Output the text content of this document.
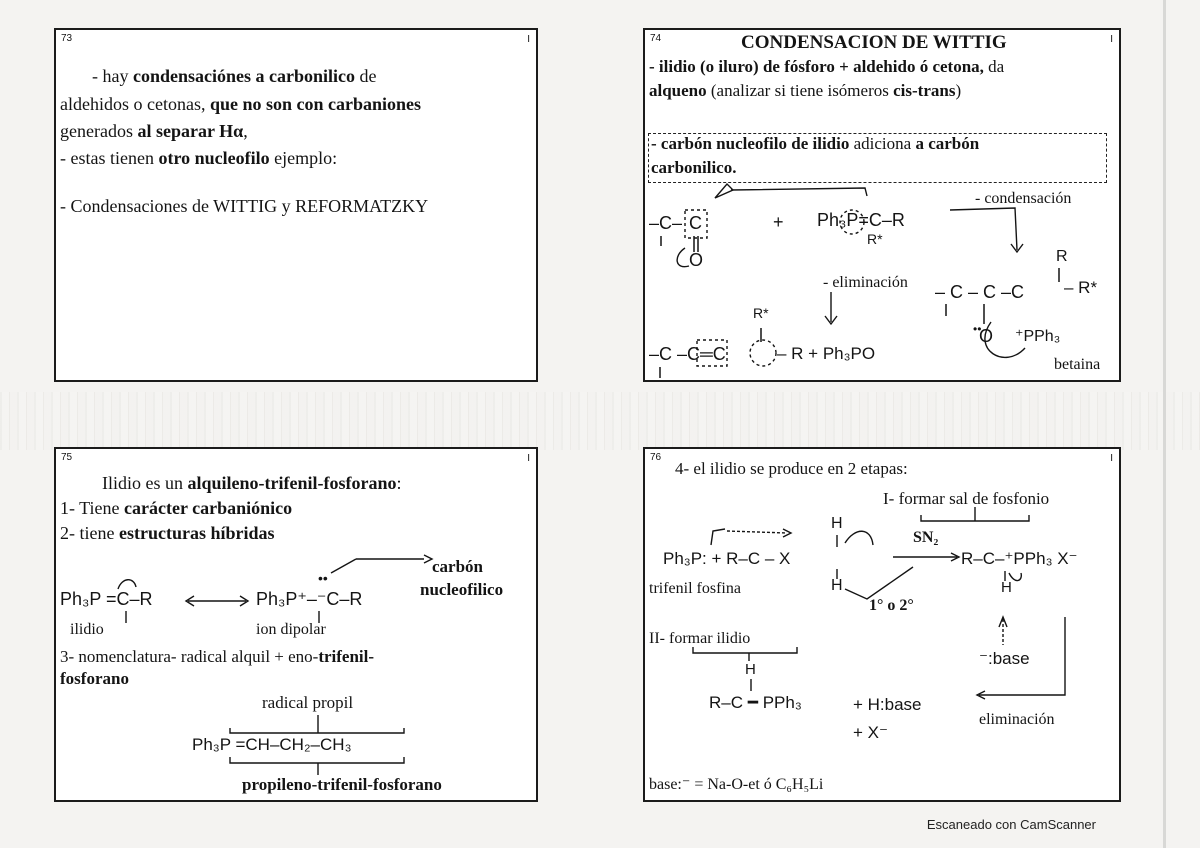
73	I
- hay condensaciónes a carbonilico de
aldehidos o cetonas, que no son con carbaniones
generados al separar Hα,
- estas tienen otro nucleofilo ejemplo:
- Condensaciones de WITTIG y REFORMATZKY
74	I
CONDENSACION DE WITTIG
- ilidio (o iluro) de fósforo + aldehido ó cetona, da
alqueno (analizar si tiene isómeros cis-trans)
- carbón nucleofilo de ilidio adiciona a carbón
carbonilico.
- condensación
+ Ph₃P=C–R
R*
- eliminación
R
– R*
⁺PPh₃
betaina
R*
– R + Ph₃PO
–C– C
O
– C – C –C
O
••
–C –C═C
75	I
Ilidio es un alquileno-trifenil-fosforano:
1- Tiene carácter carbaniónico
2- tiene estructuras híbridas
carbón
nucleofilico
Ph₃P =C–R	Ph₃P⁺–⁻C–R
ilidio	ion dipolar
3- nomenclatura- radical alquil + eno-trifenil-
fosforano
radical propil
Ph₃P =CH–CH₂–CH₃
propileno-trifenil-fosforano
••
76	I
4- el ilidio se produce en 2 etapas:
I- formar sal de fosfonio
Ph₃P: + R–C – X
H
H
SN₂
R–C–⁺PPh₃ X⁻
H
trifenil fosfina
1° o 2°
II- formar ilidio
⁻:base
H
R–C ━ PPh₃	+ H:base
+ X⁻
eliminación
base:⁻ = Na-O-et ó C₆H₅Li
Escaneado con CamScanner
